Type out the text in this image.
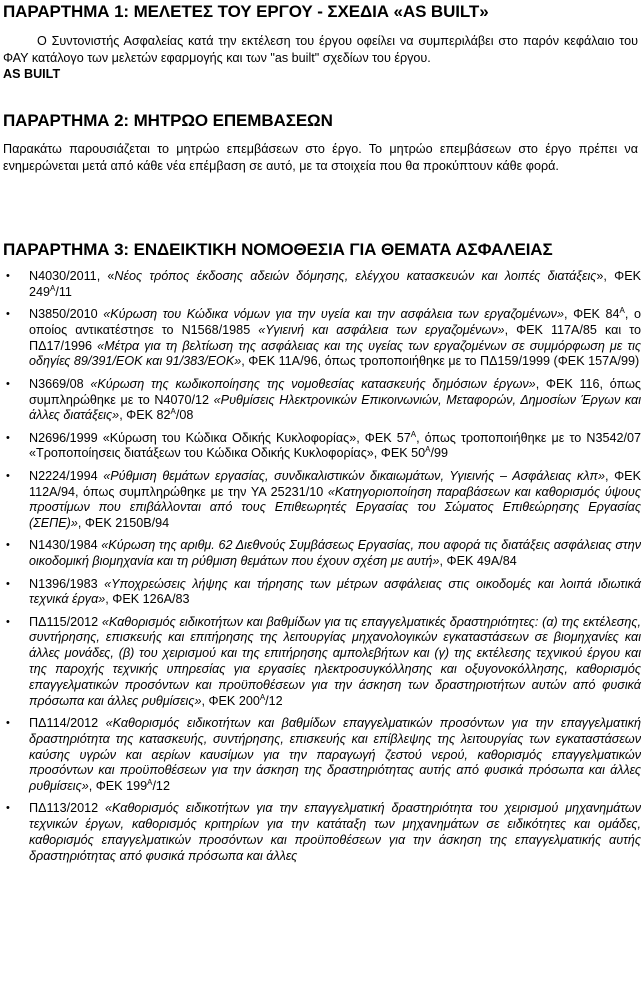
ΠΑΡΑΡΤΗΜΑ 1: ΜΕΛΕΤΕΣ ΤΟΥ ΕΡΓΟΥ - ΣΧΕΔΙΑ «AS BUILT»

Ο Συντονιστής Ασφαλείας κατά την εκτέλεση του έργου οφείλει να συμπεριλάβει στο παρόν κεφάλαιο του ΦΑΥ κατάλογο των μελετών εφαρμογής και των "as built" σχεδίων του έργου.

AS BUILT

ΠΑΡΑΡΤΗΜΑ 2: ΜΗΤΡΩΟ ΕΠΕΜΒΑΣΕΩΝ

Παρακάτω παρουσιάζεται το μητρώο επεμβάσεων στο έργο. Το μητρώο επεμβάσεων στο έργο πρέπει να ενημερώνεται μετά από κάθε νέα επέμβαση σε αυτό, με τα στοιχεία που θα προκύπτουν κάθε φορά.

ΠΑΡΑΡΤΗΜΑ 3: ΕΝΔΕΙΚΤΙΚΗ ΝΟΜΟΘΕΣΙΑ ΓΙΑ ΘΕΜΑΤΑ ΑΣΦΑΛΕΙΑΣ
• Ν4030/2011, «Νέος τρόπος έκδοσης αδειών δόμησης, ελέγχου κατασκευών και λοιπές διατάξεις», ΦΕΚ $249^A/11$
• Ν3850/2010 «Κύρωση του Κώδικα νόμων για την υγεία και την ασφάλεια των εργαζομένων», ΦΕΚ $84^A$, ο οποίος αντικατέστησε το Ν1568/1985 «Υγιεινή και ασφάλεια των εργαζομένων», ΦΕΚ 117Α/85 και το ΠΔ17/1996 «Μέτρα για τη βελτίωση της ασφάλειας και της υγείας των εργαζομένων σε συμμόρφωση με τις οδηγίες 89/391/ΕΟΚ και 91/383/ΕΟΚ», ΦΕΚ 11Α/96, όπως τροποποιήθηκε με το ΠΔ159/1999 (ΦΕΚ 157Α/99)
• Ν3669/08 «Κύρωση της κωδικοποίησης της νομοθεσίας κατασκευής δημόσιων έργων», ΦΕΚ 116, όπως συμπληρώθηκε με το Ν4070/12 «Ρυθμίσεις Ηλεκτρονικών Επικοινωνιών, Μεταφορών, Δημοσίων Έργων και άλλες διατάξεις», ΦΕΚ $82^A/08$
• Ν2696/1999 «Κύρωση του Κώδικα Οδικής Κυκλοφορίας», ΦΕΚ $57^A$, όπως τροποποιήθηκε με το Ν3542/07 «Τροποποίησεις διατάξεων του Κώδικα Οδικής Κυκλοφορίας», ΦΕΚ $50^A/99$
• Ν2224/1994 «Ρύθμιση θεμάτων εργασίας, συνδικαλιστικών δικαιωμάτων, Υγιεινής – Ασφάλειας κλπ», ΦΕΚ 112Α/94, όπως συμπληρώθηκε με την ΥΑ 25231/10 «Κατηγοριοποίηση παραβάσεων και καθορισμός ύψους προστίμων που επιβάλλονται από τους Επιθεωρητές Εργασίας του Σώματος Επιθεώρησης Εργασίας (ΣΕΠΕ)», ΦΕΚ 2150Β/94
• Ν1430/1984 «Κύρωση της αριθμ. 62 Διεθνούς Συμβάσεως Εργασίας, που αφορά τις διατάξεις ασφάλειας στην οικοδομική βιομηχανία και τη ρύθμιση θεμάτων που έχουν σχέση με αυτή», ΦΕΚ 49Α/84
• Ν1396/1983 «Υποχρεώσεις λήψης και τήρησης των μέτρων ασφάλειας στις οικοδομές και λοιπά ιδιωτικά τεχνικά έργα», ΦΕΚ 126Α/83
• ΠΔ115/2012 «Καθορισμός ειδικοτήτων και βαθμίδων για τις επαγγελματικές δραστηριότητες: (α) της εκτέλεσης, συντήρησης, επισκευής και επιτήρησης της λειτουργίας μηχανολογικών εγκαταστάσεων σε βιομηχανίες και άλλες μονάδες, (β) του χειρισμού και της επιτήρησης αμπολεβήτων και (γ) της εκτέλεσης τεχνικού έργου και της παροχής τεχνικής υπηρεσίας για εργασίες ηλεκτροσυγκόλλησης και οξυγονοκόλλησης, καθορισμός επαγγελματικών προσόντων και προϋποθέσεων για την άσκηση των δραστηριοτήτων αυτών από φυσικά πρόσωπα και άλλες ρυθμίσεις», ΦΕΚ $200^A/12$
• ΠΔ114/2012 «Καθορισμός ειδικοτήτων και βαθμίδων επαγγελματικών προσόντων για την επαγγελματική δραστηριότητα της κατασκευής, συντήρησης, επισκευής και επίβλεψης της λειτουργίας των εγκαταστάσεων καύσης υγρών και αερίων καυσίμων για την παραγωγή ζεστού νερού, καθορισμός επαγγελματικών προσόντων και προϋποθέσεων για την άσκηση της δραστηριότητας αυτής από φυσικά πρόσωπα και άλλες ρυθμίσεις», ΦΕΚ $199^A/12$
• ΠΔ113/2012 «Καθορισμός ειδικοτήτων για την επαγγελματική δραστηριότητα του χειρισμού μηχανημάτων τεχνικών έργων, καθορισμός κριτηρίων για την κατάταξη των μηχανημάτων σε ειδικότητες και ομάδες, καθορισμός επαγγελματικών προσόντων και προϋποθέσεων για την άσκηση της επαγγελματικής αυτής δραστηριότητας από φυσικά πρόσωπα και άλλες
